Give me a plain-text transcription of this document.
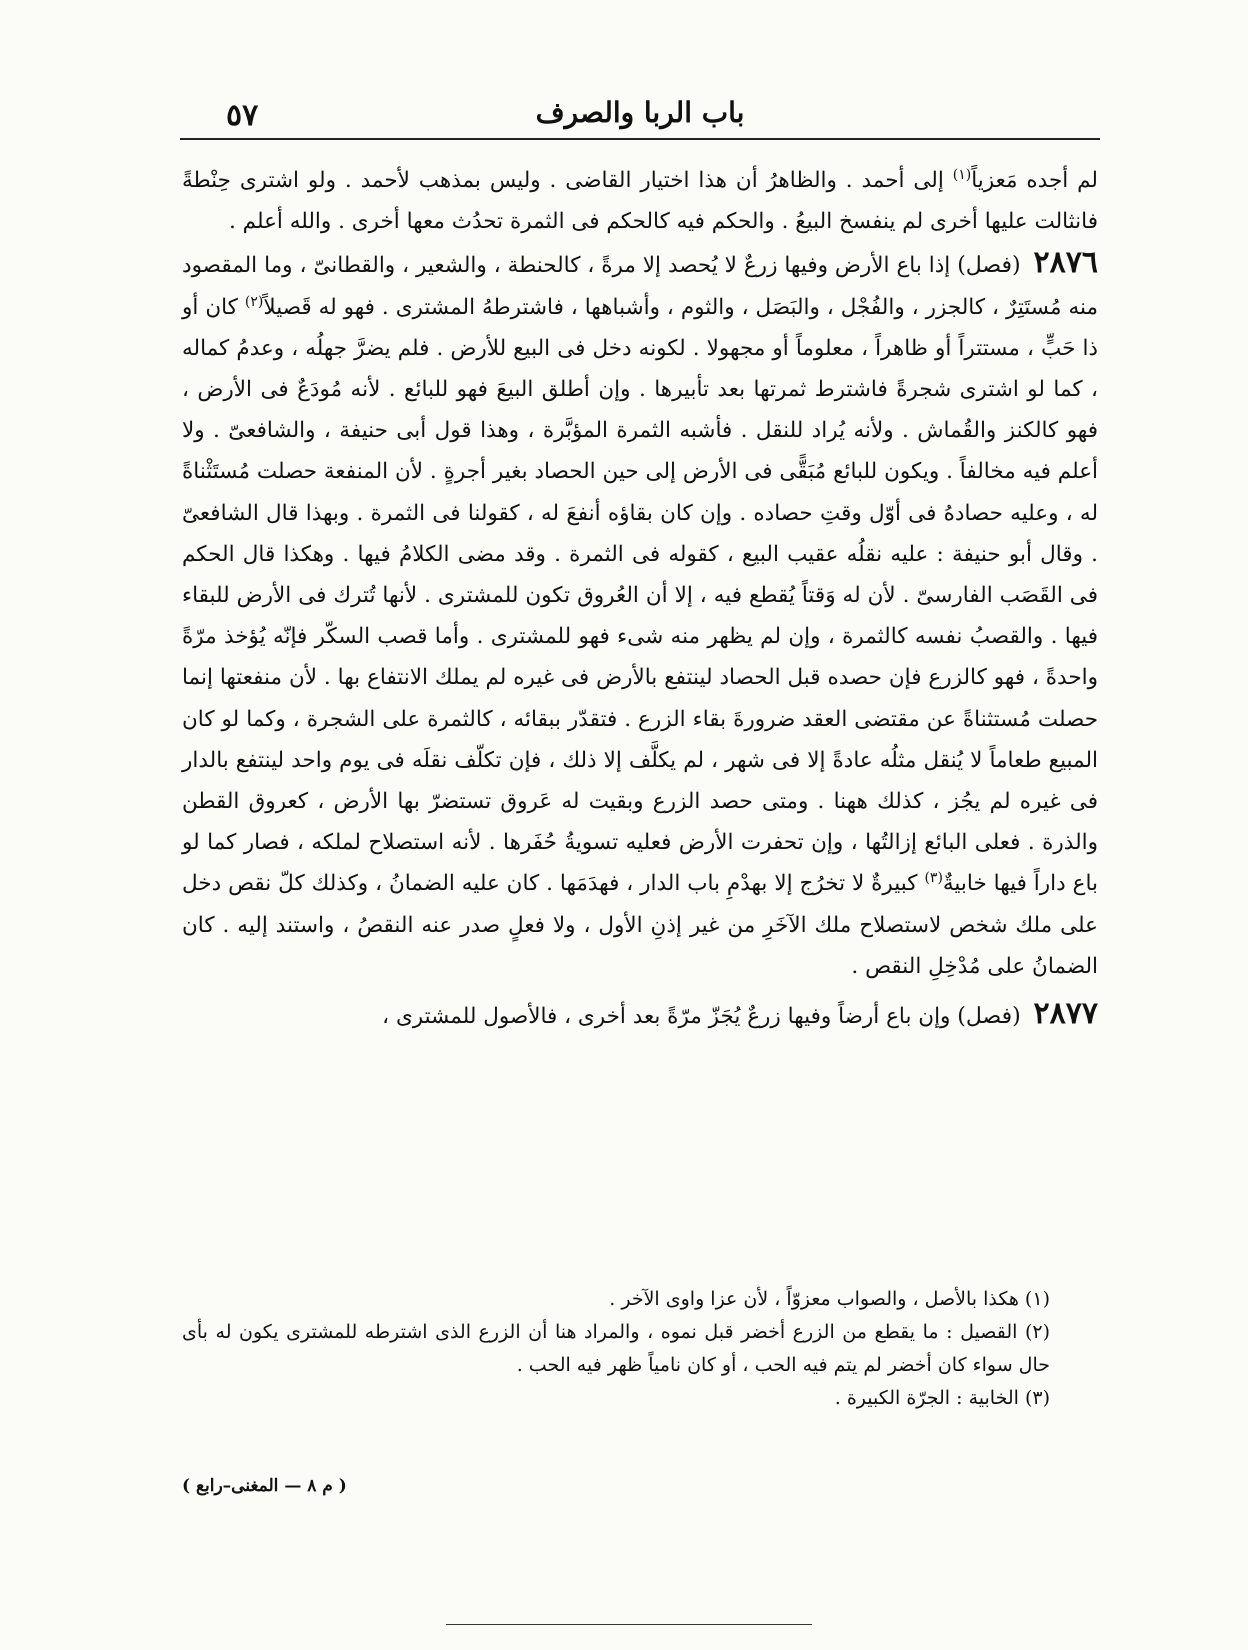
٥٧	باب الربا والصرف

لم أجده مَعزياً$^{(١)}$ إلى أحمد . والظاهرُ أن هذا اختيار القاضى . وليس بمذهب لأحمد . ولو اشترى حِنْطةً فانثالت عليها أخرى لم ينفسخ البيعُ . والحكم فيه كالحكم فى الثمرة تحدُث معها أخرى . والله أعلم .

٢٨٧٦ (فصل) إذا باع الأرض وفيها زرعٌ لا يُحصد إلا مرةً ، كالحنطة ، والشعير ، والقطانىّ ، وما المقصود منه مُستَتِرٌ ، كالجزر ، والفُجْل ، والبَصَل ، والثوم ، وأشباهها ، فاشترطهُ المشترى . فهو له قَصيلاً$^{(٢)}$ كان أو ذا حَبٍّ ، مستتراً أو ظاهراً ، معلوماً أو مجهولا . لكونه دخل فى البيع للأرض . فلم يضرَّ جهلُه ، وعدمُ كماله ، كما لو اشترى شجرةً فاشترط ثمرتها بعد تأبيرها . وإن أطلق البيعَ فهو للبائع . لأنه مُودَعٌ فى الأرض ، فهو كالكنز والقُماش . ولأنه يُراد للنقل . فأشبه الثمرة المؤبَّرة ، وهذا قول أبى حنيفة ، والشافعىّ . ولا أعلم فيه مخالفاً . ويكون للبائع مُبَقًّى فى الأرض إلى حين الحصاد بغير أجرةٍ . لأن المنفعة حصلت مُستَثْناةً له ، وعليه حصادهُ فى أوّل وقتِ حصاده . وإن كان بقاؤه أنفعَ له ، كقولنا فى الثمرة . وبهذا قال الشافعىّ . وقال أبو حنيفة : عليه نقلُه عقيب البيع ، كقوله فى الثمرة . وقد مضى الكلامُ فيها . وهكذا قال الحكم فى القَصَب الفارسىّ . لأن له وَقتاً يُقطع فيه ، إلا أن العُروق تكون للمشترى . لأنها تُترك فى الأرض للبقاء فيها . والقصبُ نفسه كالثمرة ، وإن لم يظهر منه شىء فهو للمشترى . وأما قصب السكّر فإنّه يُؤخذ مرّةً واحدةً ، فهو كالزرع فإن حصده قبل الحصاد لينتفع بالأرض فى غيره لم يملك الانتفاع بها . لأن منفعتها إنما حصلت مُستثناةً عن مقتضى العقد ضرورةَ بقاء الزرع . فتقدّر ببقائه ، كالثمرة على الشجرة ، وكما لو كان المبيع طعاماً لا يُنقل مثلُه عادةً إلا فى شهر ، لم يكلَّف إلا ذلك ، فإن تكلّف نقلَه فى يوم واحد لينتفع بالدار فى غيره لم يجُز ، كذلك ههنا . ومتى حصد الزرع وبقيت له عَروق تستضرّ بها الأرض ، كعروق القطن والذرة . فعلى البائع إزالتُها ، وإن تحفرت الأرض فعليه تسويةُ حُفَرها . لأنه استصلاح لملكه ، فصار كما لو باع داراً فيها خابيةٌ$^{(٣)}$ كبيرةٌ لا تخرُج إلا بهدْمِ باب الدار ، فهدَمَها . كان عليه الضمانُ ، وكذلك كلّ نقص دخل على ملك شخص لاستصلاح ملك الآخَرِ من غير إذنِ الأول ، ولا فعلٍ صدر عنه النقصُ ، واستند إليه . كان الضمانُ على مُدْخِلِ النقص .

٢٨٧٧ (فصل) وإن باع أرضاً وفيها زرعٌ يُجَزّ مرّةً بعد أخرى ، فالأصول للمشترى ،

(١) هكذا بالأصل ، والصواب معزوّاً ، لأن عزا واوى الآخر .

(٢) القصيل : ما يقطع من الزرع أخضر قبل نموه ، والمراد هنا أن الزرع الذى اشترطه للمشترى يكون له بأى حال سواء كان أخضر لم يتم فيه الحب ، أو كان نامياً ظهر فيه الحب .

(٣) الخابية : الجرّة الكبيرة .

( م ٨ — المغنى–رابع )
